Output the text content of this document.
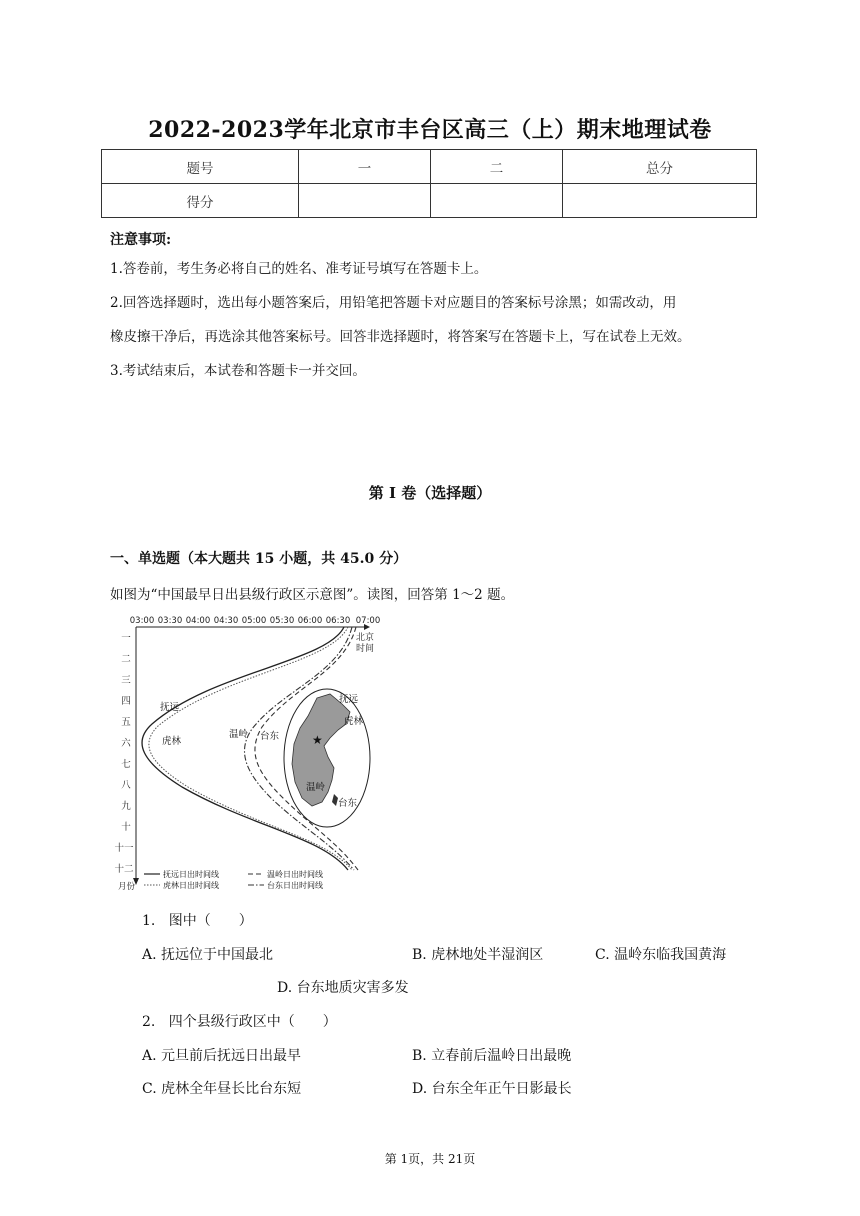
2022-2023学年北京市丰台区高三（上）期末地理试卷
题号	一	二	总分
得分			
注意事项:
1.答卷前，考生务必将自己的姓名、准考证号填写在答题卡上。
2.回答选择题时，选出每小题答案后，用铅笔把答题卡对应题目的答案标号涂黑；如需改动，用
橡皮擦干净后，再选涂其他答案标号。回答非选择题时，将答案写在答题卡上，写在试卷上无效。
3.考试结束后，本试卷和答题卡一并交回。
第 I 卷（选择题）
一、单选题（本大题共 15 小题，共 45.0 分）
如图为“中国最早日出县级行政区示意图”。读图，回答第 1～2 题。
03:00 03:30 04:00 04:30 05:00 05:30 06:00 06:30 07:00
北京
时间
一
二
三
四
五
六
七
八
九
十
十一
十二
月份
★
抚远
虎林
温岭 台东
抚远
虎林
温岭
台东
抚远日出时间线
虎林日出时间线
温岭日出时间线
台东日出时间线
1. 图中（　　）
A. 抚远位于中国最北	B. 虎林地处半湿润区	C. 温岭东临我国黄海
D. 台东地质灾害多发
2. 四个县级行政区中（　　）
A. 元旦前后抚远日出最早	B. 立春前后温岭日出最晚
C. 虎林全年昼长比台东短	D. 台东全年正午日影最长
第 1页，共 21页
